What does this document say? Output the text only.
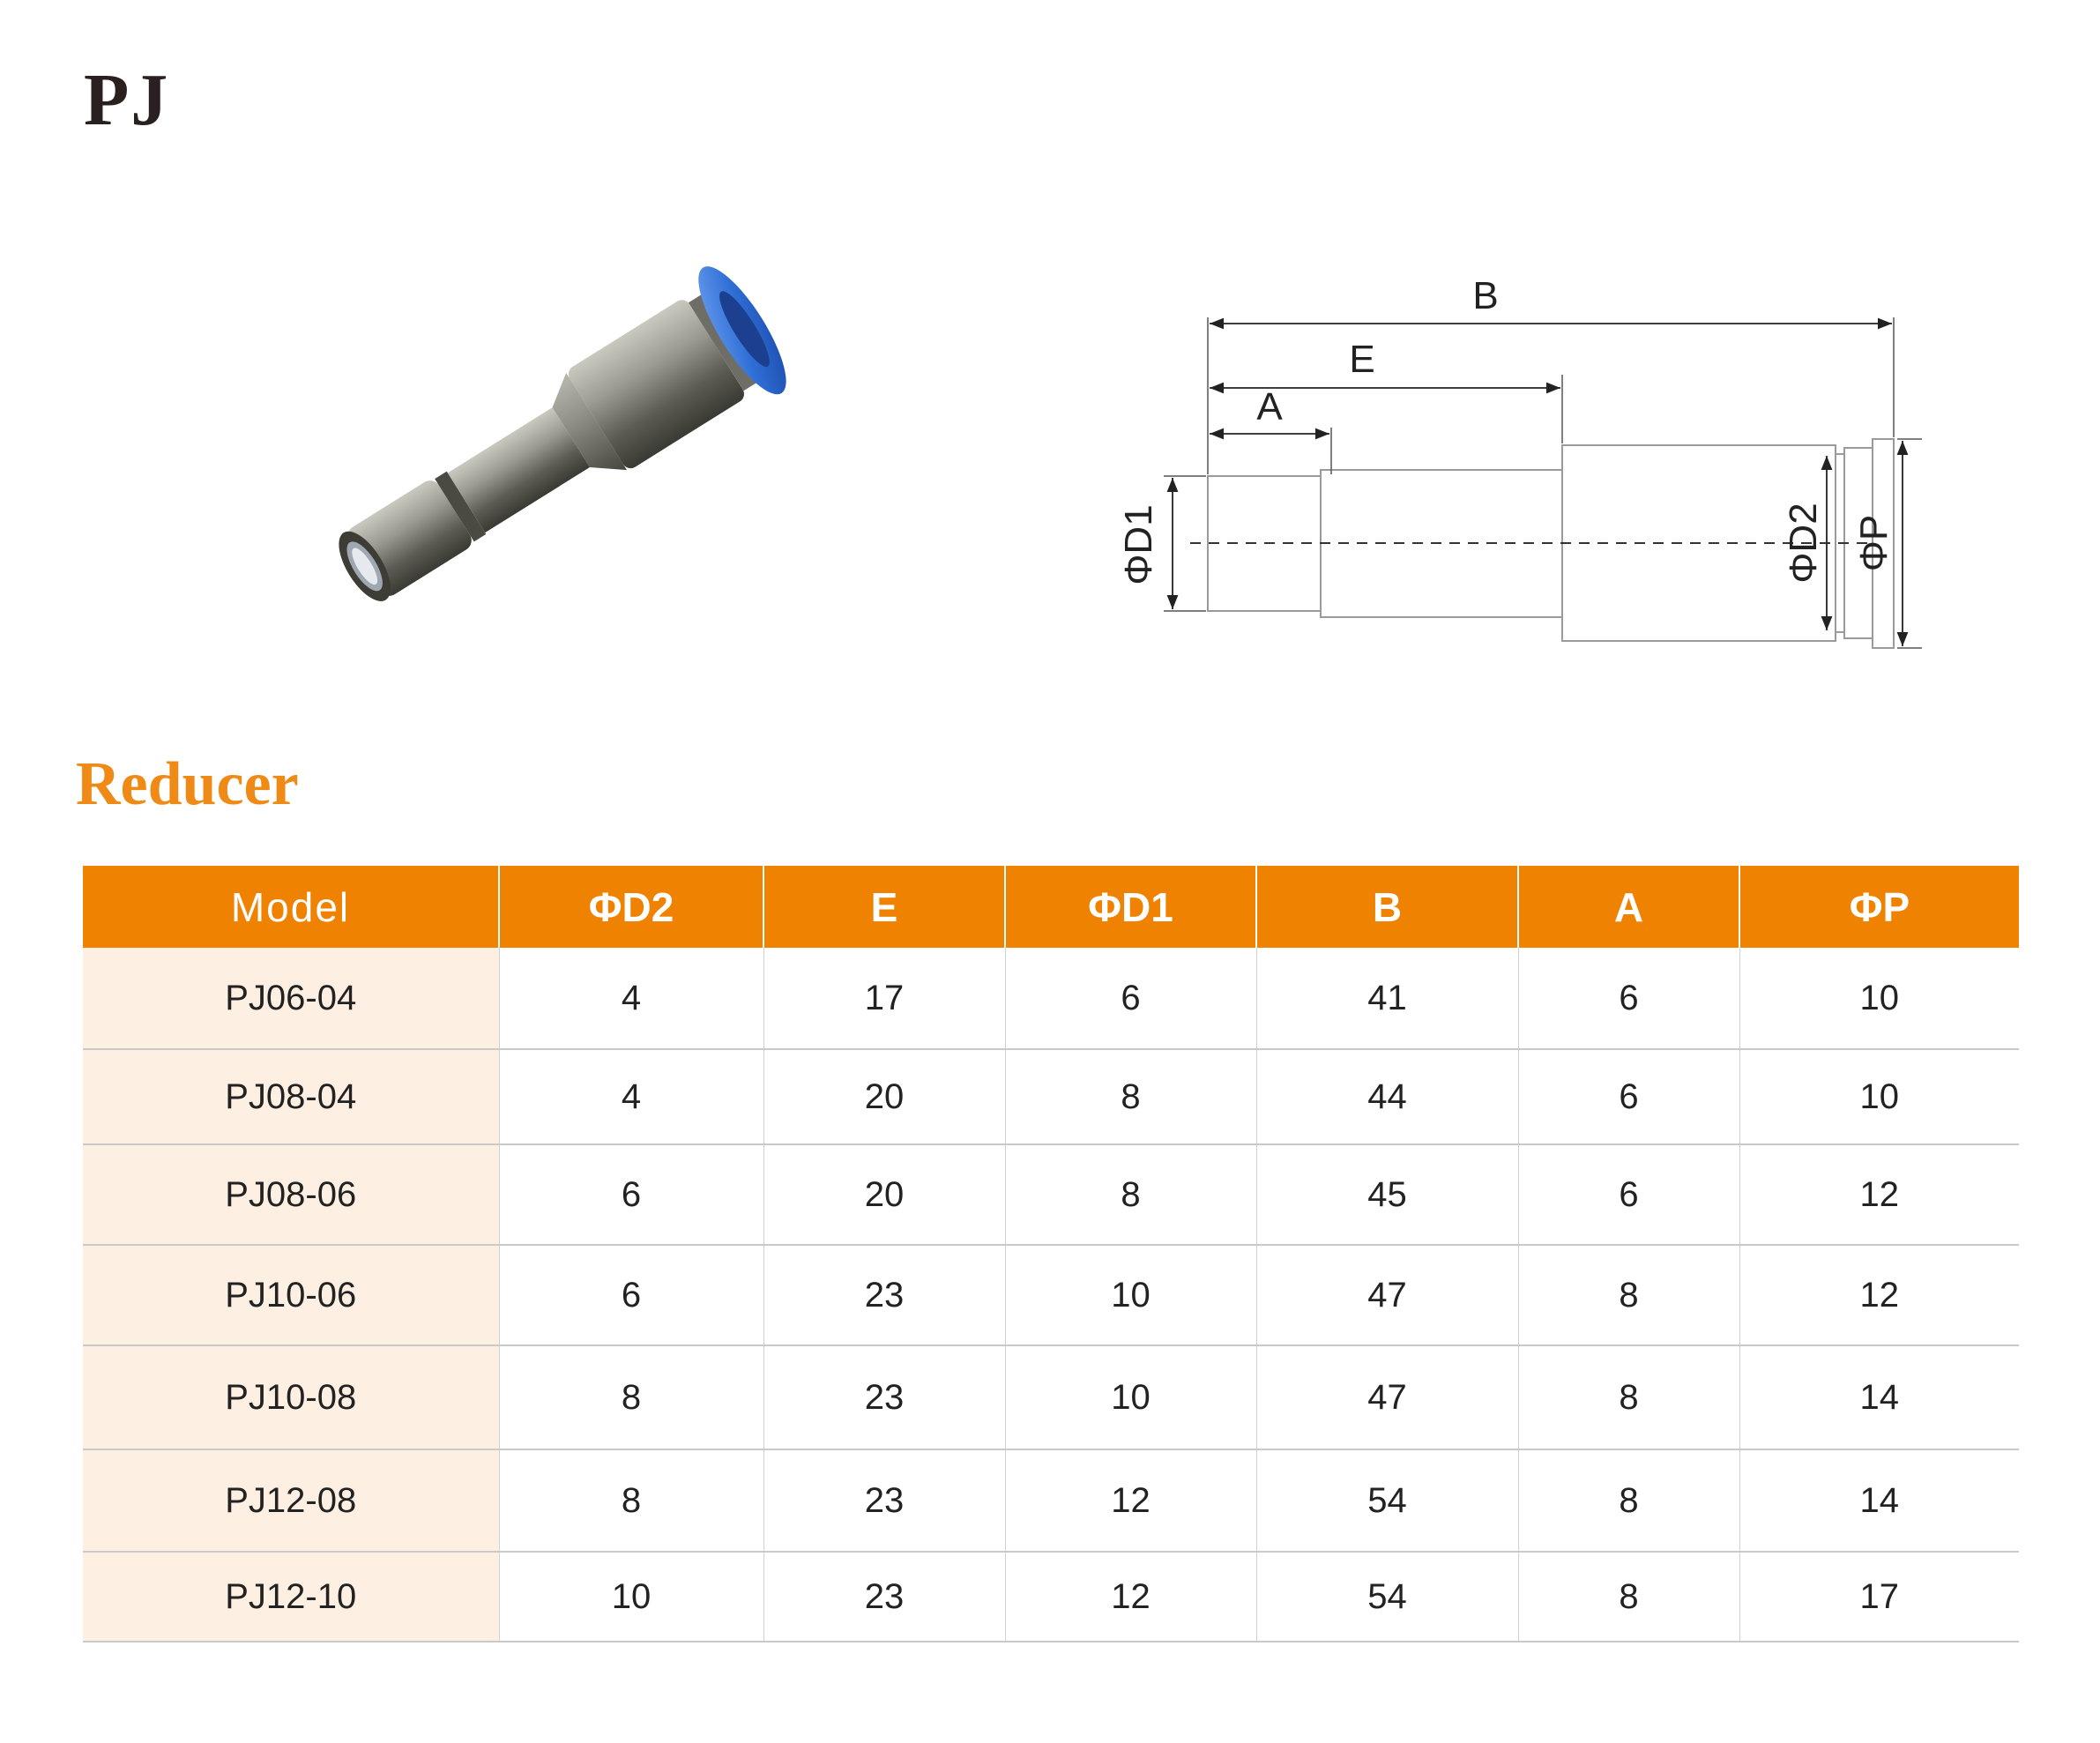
PJ
B
E
A
ΦD1	ΦD2 ΦP
Reducer
Model	ΦD2	E	ΦD1	B	A	ΦP
PJ06-04	4	17	6	41	6	10
PJ08-04	4	20	8	44	6	10
PJ08-06	6	20	8	45	6	12
PJ10-06	6	23	10	47	8	12
PJ10-08	8	23	10	47	8	14
PJ12-08	8	23	12	54	8	14
PJ12-10	10	23	12	54	8	17
